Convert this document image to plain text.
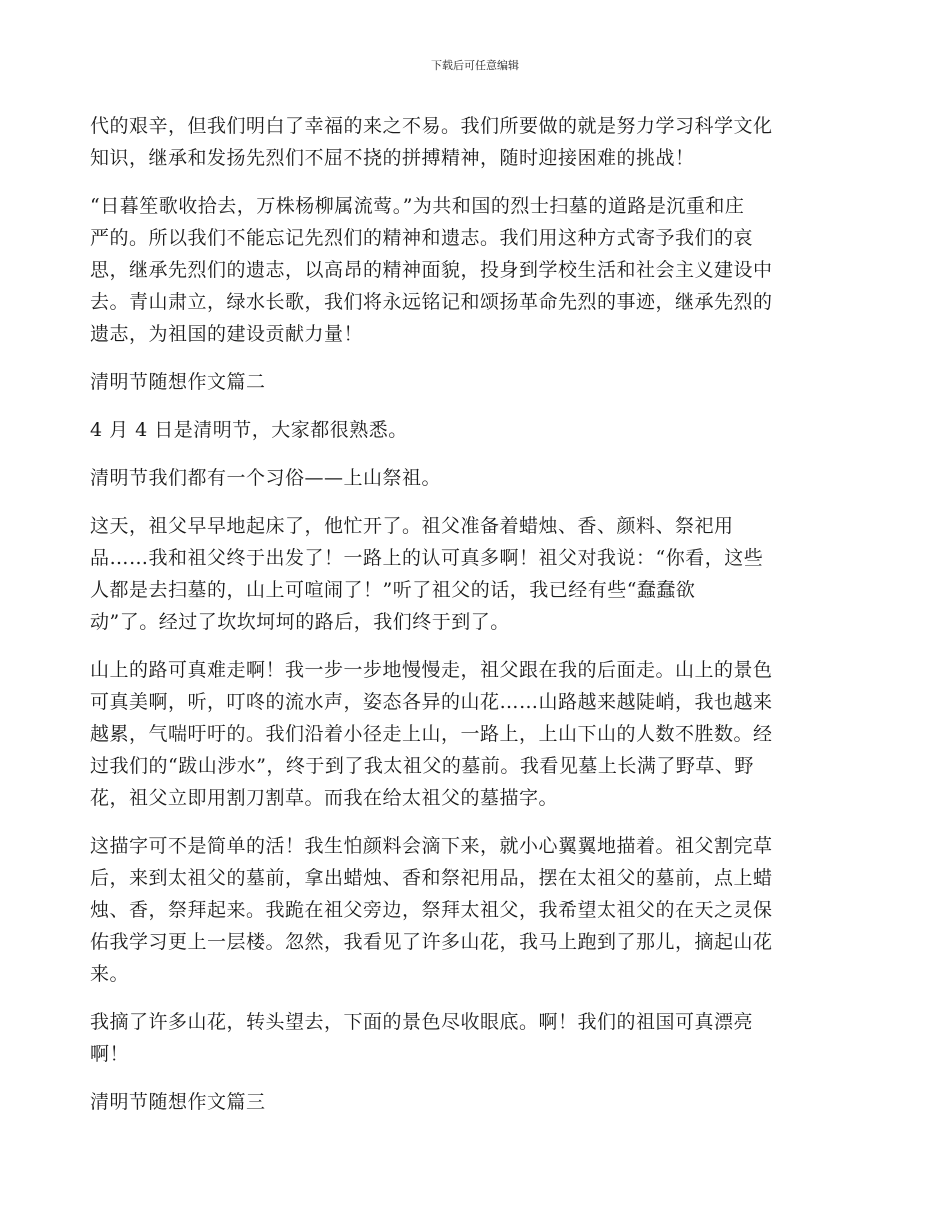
下载后可任意编辑

代的艰辛，但我们明白了幸福的来之不易。我们所要做的就是努力学习科学文化
知识，继承和发扬先烈们不屈不挠的拼搏精神，随时迎接困难的挑战！

“日暮笙歌收拾去，万株杨柳属流莺。”为共和国的烈士扫墓的道路是沉重和庄
严的。所以我们不能忘记先烈们的精神和遗志。我们用这种方式寄予我们的哀
思，继承先烈们的遗志，以高昂的精神面貌，投身到学校生活和社会主义建设中
去。青山肃立，绿水长歌，我们将永远铭记和颂扬革命先烈的事迹，继承先烈的
遗志，为祖国的建设贡献力量！

清明节随想作文篇二

4 月 4 日是清明节，大家都很熟悉。

清明节我们都有一个习俗——上山祭祖。

这天，祖父早早地起床了，他忙开了。祖父准备着蜡烛、香、颜料、祭祀用
品……我和祖父终于出发了！一路上的认可真多啊！祖父对我说：“你看，这些
人都是去扫墓的，山上可喧闹了！”听了祖父的话，我已经有些“蠢蠢欲
动”了。经过了坎坎坷坷的路后，我们终于到了。

山上的路可真难走啊！我一步一步地慢慢走，祖父跟在我的后面走。山上的景色
可真美啊，听，叮咚的流水声，姿态各异的山花……山路越来越陡峭，我也越来
越累，气喘吁吁的。我们沿着小径走上山，一路上，上山下山的人数不胜数。经
过我们的“跋山涉水”，终于到了我太祖父的墓前。我看见墓上长满了野草、野
花，祖父立即用割刀割草。而我在给太祖父的墓描字。

这描字可不是简单的活！我生怕颜料会滴下来，就小心翼翼地描着。祖父割完草
后，来到太祖父的墓前，拿出蜡烛、香和祭祀用品，摆在太祖父的墓前，点上蜡
烛、香，祭拜起来。我跪在祖父旁边，祭拜太祖父，我希望太祖父的在天之灵保
佑我学习更上一层楼。忽然，我看见了许多山花，我马上跑到了那儿，摘起山花
来。

我摘了许多山花，转头望去，下面的景色尽收眼底。啊！我们的祖国可真漂亮
啊！

清明节随想作文篇三
